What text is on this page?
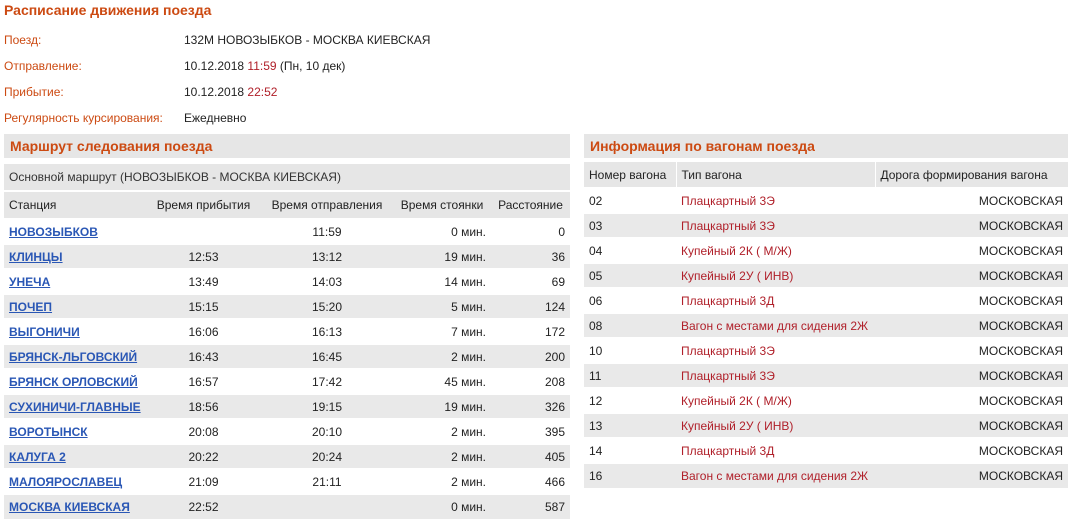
Расписание движения поезда
Поезд:	132М НОВОЗЫБКОВ - МОСКВА КИЕВСКАЯ
Отправление:	10.12.2018 11:59 (Пн, 10 дек)
Прибытие:	10.12.2018 22:52
Регулярность курсирования: Ежедневно
Маршрут следования поезда	Информация по вагонам поезда
Основной маршрут (НОВОЗЫБКОВ - МОСКВА КИЕВСКАЯ)				
Станция	Время прибытия	Время отправления	Время стоянки	Расстояние
НОВОЗЫБКОВ		11:59	0 мин.	0
КЛИНЦЫ	12:53	13:12	19 мин.	36
УНЕЧА	13:49	14:03	14 мин.	69
ПОЧЕП	15:15	15:20	5 мин.	124
ВЫГОНИЧИ	16:06	16:13	7 мин.	172
БРЯНСК-ЛЬГОВСКИЙ	16:43	16:45	2 мин.	200
БРЯНСК ОРЛОВСКИЙ	16:57	17:42	45 мин.	208
СУХИНИЧИ-ГЛАВНЫЕ	18:56	19:15	19 мин.	326
ВОРОТЫНСК	20:08	20:10	2 мин.	395
КАЛУГА 2	20:22	20:24	2 мин.	405
МАЛОЯРОСЛАВЕЦ	21:09	21:11	2 мин.	466
МОСКВА КИЕВСКАЯ	22:52		0 мин.	587
Номер вагона	Тип вагона	Дорога формирования вагона
02	Плацкартный 3Э	МОСКОВСКАЯ
03	Плацкартный 3Э	МОСКОВСКАЯ
04	Купейный 2К ( М/Ж)	МОСКОВСКАЯ
05	Купейный 2У ( ИНВ)	МОСКОВСКАЯ
06	Плацкартный 3Д	МОСКОВСКАЯ
08	Вагон с местами для сидения 2Ж	МОСКОВСКАЯ
10	Плацкартный 3Э	МОСКОВСКАЯ
11	Плацкартный 3Э	МОСКОВСКАЯ
12	Купейный 2К ( М/Ж)	МОСКОВСКАЯ
13	Купейный 2У ( ИНВ)	МОСКОВСКАЯ
14	Плацкартный 3Д	МОСКОВСКАЯ
16	Вагон с местами для сидения 2Ж	МОСКОВСКАЯ
